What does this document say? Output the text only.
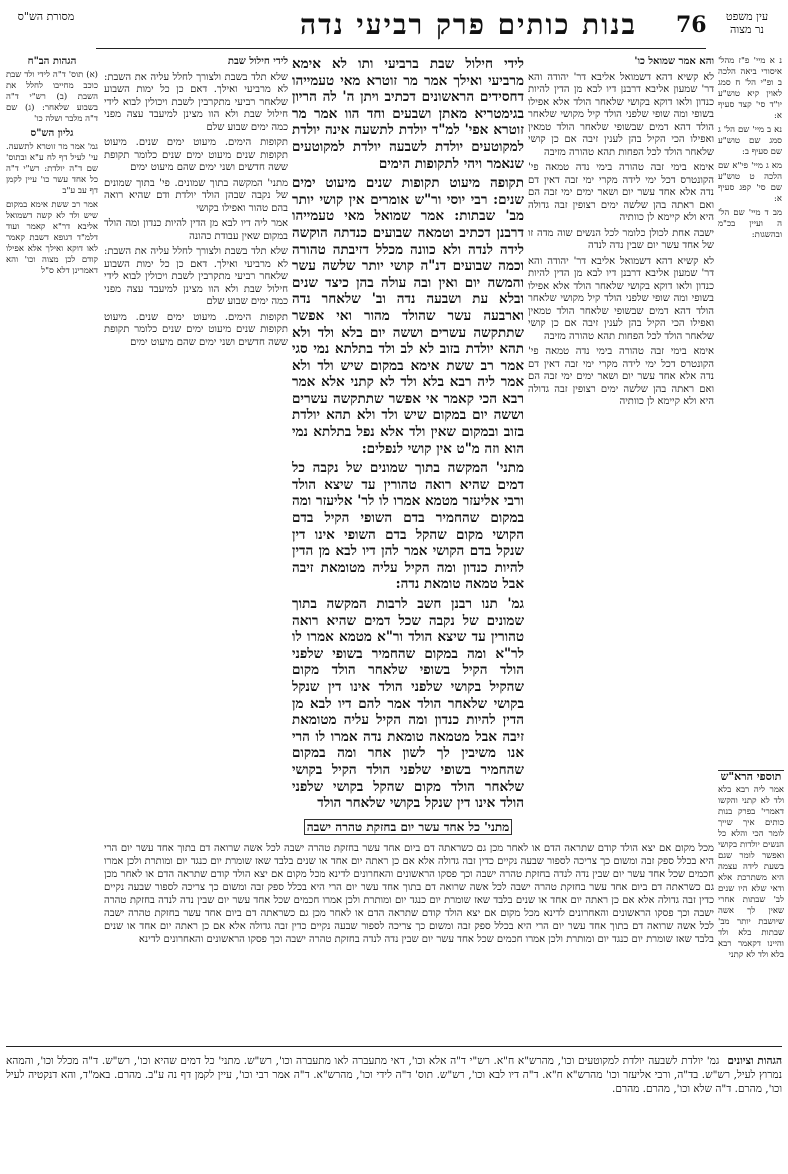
עין משפט
נר מצוה
76
בנות כותים פרק רביעי נדה
מסורת הש"ס

נ א מיי' פ"ז מהל' איסורי ביאה הלכה ב ופ"י הל' ח סמג לאוין קיא טוש"ע יו"ד סי' קצד סעיף א:

נא ב מיי' שם הל' ג סמג שם טוש"ע שם סעיף ב:

מא ג מיי' פי"א שם הלכה ט טוש"ע שם סי' קפג סעיף א:

מב ד מיי' שם הל' ה ועיין בכ"מ ובהשגות:

והא אמר שמואל כו'

לא קשיא דהא דשמואל אליבא דר' יהודה והא דר' שמעון אליבא דרבנן דיו לבא מן הדין להיות כנדון ולאו דוקא בקושי שלאחר הולד אלא אפילו בשופי ומה שופי שלפני הולד קיל מקושי שלאחר הולד דהא דמים שבשופי שלאחר הולד טמאין ואפילו הכי הקיל בהן לענין זיבה אם כן קושי שלאחר הולד לכל הפחות תהא טהורה מזיבה

אימא בימי זבה טהורה בימי נדה טמאה פי' הקונטרס דכל ימי לידה מקרי ימי זבה דאין דם נדה אלא אחד עשר יום ושאר ימים ימי זבה הם ואם ראתה בהן שלשה ימים רצופין זבה גדולה היא ולא קיימא לן כוותיה

ישבה אחת לכולן כלומר לכל הנשים שוה מדה זו של אחד עשר יום שבין נדה לנדה

לא קשיא דהא דשמואל אליבא דר' יהודה והא דר' שמעון אליבא דרבנן דיו לבא מן הדין להיות כנדון ולאו דוקא בקושי שלאחר הולד אלא אפילו בשופי ומה שופי שלפני הולד קיל מקושי שלאחר הולד דהא דמים שבשופי שלאחר הולד טמאין ואפילו הכי הקיל בהן לענין זיבה אם כן קושי שלאחר הולד לכל הפחות תהא טהורה מזיבה

אימא בימי זבה טהורה בימי נדה טמאה פי' הקונטרס דכל ימי לידה מקרי ימי זבה דאין דם נדה אלא אחד עשר יום ושאר ימים ימי זבה הם ואם ראתה בהן שלשה ימים רצופין זבה גדולה היא ולא קיימא לן כוותיה

לידי חילול שבת ברביעי ותו לא אימא מרביעי ואילך אמר מר זוטרא מאי טעמייהו דחסידים הראשונים דכתיב ויתן ה' לה הריון בגימטריא מאתן ושבעים וחד הוו אמר מר זוטרא אפי' למ"ד יולדת לתשעה אינה יולדת למקוטעים יולדת לשבעה יולדת למקוטעים שנאמר ויהי לתקופות הימים

תקופה מיעוט תקופות שנים מיעוט ימים שנים: רבי יוסי ור"ש אומרים אין קושי יותר מב' שבתות: אמר שמואל מאי טעמייהו דרבנן דכתיב וטמאה שבועים כנדתה הוקשה לידה לנדה ולא כוונה מכלל דזיבתה טהורה וכמה שבועים דנ"ה קושי יותר שלשה עשר והמשה יום ואין ובה עולה בהן כיצד שנים ובלא עת ושבעה נדה וב' שלאחר נדה וארבעה עשר שהולד מהור ואי אפשר שתתקשה עשרים וששה יום בלא ולד ולא תהא יולדת בזוב לא לב ולד בתלתא נמי סגי אמר רב ששת אימא במקום שיש ולד ולא אמר ליה רבא בלא ולד לא קתני אלא אמר רבא הכי קאמר אי אפשר שתתקשה עשרים וששה יום במקום שיש ולד ולא תהא יולדת בזוב ובמקום שאין ולד אלא נפל בתלתא נמי הוא וזה מ"ט אין קושי לנפלים:

מתני' המקשה בתוך שמונים של נקבה כל דמים שהיא רואה טהורין עד שיצא הולד ורבי אליעזר מטמא אמרו לו לר' אליעזר ומה במקום שהחמיר בדם השופי הקיל בדם הקושי מקום שהקל בדם השופי אינו דין שנקל בדם הקושי אמר להן דיו לבא מן הדין להיות כנדון ומה הקיל עליה מטומאת זיבה אבל טמאה טומאת נדה:

גמ' תנו רבנן חשב לרבות המקשה בתוך שמונים של נקבה שכל דמים שהיא רואה טהורין עד שיצא הולד ור"א מטמא אמרו לו לר"א ומה במקום שהחמיר בשופי שלפני הולד הקיל בשופי שלאחר הולד מקום שהקיל בקושי שלפני הולד אינו דין שנקל בקושי שלאחר הולד אמר להם דיו לבא מן הדין להיות כנדון ומה הקיל עליה מטומאת זיבה אבל מטמאה טומאת נדה אמרו לו הרי אנו משיבין לך לשון אחר ומה במקום שהחמיר בשופי שלפני הולד הקיל בקושי שלאחר הולד מקום שהקל בקושי שלפני הולד אינו דין שנקל בקושי שלאחר הולד

לידי חילול שבת

שלא תלד בשבת ולצורך לחלל עליה את השבת: לא מרביעי ואילך. דאם כן כל ימות השבוע שלאחר רביעי מתקרבין לשבת ויכולין לבוא לידי חילול שבת ולא הוו מצינן למיעבד עצה מפני כמה ימים שבוע שלם

תקופות הימים. מיעוט ימים שנים. מיעוט תקופות שנים מיעוט ימים שנים כלומר תקופת ששה חדשים ושני ימים שהם מיעוט ימים

מתני' המקשה בתוך שמונים. פי' בתוך שמונים של נקבה שבהן הולד יולדת ודם שהיא רואה בהם טהור ואפילו בקושי

אמר ליה דיו לבא מן הדין להיות כנדון ומה הולד במקום שאין עבודת כהונה

שלא תלד בשבת ולצורך לחלל עליה את השבת: לא מרביעי ואילך. דאם כן כל ימות השבוע שלאחר רביעי מתקרבין לשבת ויכולין לבוא לידי חילול שבת ולא הוו מצינן למיעבד עצה מפני כמה ימים שבוע שלם

תקופות הימים. מיעוט ימים שנים. מיעוט תקופות שנים מיעוט ימים שנים כלומר תקופת ששה חדשים ושני ימים שהם מיעוט ימים

הגהות הב"ח

(א) תוס' ד"ה לידי ולד שבת כוכב מחייבו לחלל את השבת (ב) רש"י ד"ה בשבוע שלאחר: (ג) שם ד"ה מלבר ושלה כו'

גליון הש"ס

גמ' אמר מר זוטרא לתשעה. עי' לעיל דף לח ע"א ובתוס' שם ד"ה יולדת: רש"י ד"ה כל אחד עשר כו' עיין לקמן דף עב ע"ב

אמר רב ששת אימא במקום שיש ולד לא קשה דשמואל אליבא דר"א קאמר ועוד דלמ"ד דגופא דשבת קאמר לאו דוקא ואילך אלא אפילו קודם לכן מצוה וכו' והא דאמרינן דלא ס"ל

תוספי הרא"ש

אמר ליה רבא בלא ולד לא קתני והקשו דאמרי' בפרק בנות כותים איך שייך לומר הכי והלא כל הנשים יולדות בקושי ואפשר לומר שגם בשעת לידה עצמה היא משתרכת אלא ודאי שלא היו שנים לב' שבתות אחרי שאין לך אשה שיושבת יותר מב' שבתות בלא ולד והיינו דקאמר רבא בלא ולד לא קתני

מתני' כל אחד עשר יום בחזקת טהרה ישבה
מכל מקום אם יצא הולד קודם שתראה הדם או לאחר מכן גם כשראתה דם ביום אחד עשר בחזקת טהרה ישבה לכל אשה שרואה דם בתוך אחד עשר יום הרי היא בכלל ספק זבה ומשום כך צריכה לספור שבעה נקיים כדין זבה גדולה אלא אם כן ראתה יום אחד או שנים בלבד שאז שומרת יום כנגד יום ומותרת ולכן אמרו חכמים שכל אחד עשר יום שבין נדה לנדה בחזקת טהרה ישבה וכך פסקו הראשונים והאחרונים לדינא מכל מקום אם יצא הולד קודם שתראה הדם או לאחר מכן גם כשראתה דם ביום אחד עשר בחזקת טהרה ישבה לכל אשה שרואה דם בתוך אחד עשר יום הרי היא בכלל ספק זבה ומשום כך צריכה לספור שבעה נקיים כדין זבה גדולה אלא אם כן ראתה יום אחד או שנים בלבד שאז שומרת יום כנגד יום ומותרת ולכן אמרו חכמים שכל אחד עשר יום שבין נדה לנדה בחזקת טהרה ישבה וכך פסקו הראשונים והאחרונים לדינא מכל מקום אם יצא הולד קודם שתראה הדם או לאחר מכן גם כשראתה דם ביום אחד עשר בחזקת טהרה ישבה לכל אשה שרואה דם בתוך אחד עשר יום הרי היא בכלל ספק זבה ומשום כך צריכה לספור שבעה נקיים כדין זבה גדולה אלא אם כן ראתה יום אחד או שנים בלבד שאז שומרת יום כנגד יום ומותרת ולכן אמרו חכמים שכל אחד עשר יום שבין נדה לנדה בחזקת טהרה ישבה וכך פסקו הראשונים והאחרונים לדינא
הגהות וציונים
גמ' יולדת לשבעה יולדת למקוטעים וכו', מהרש"א ח"א. רש"י ד"ה אלא וכו', דאי מתעברה לאו מתעברה וכו', רש"ש. מתני' כל דמים שהיא וכו', רש"ש. ד"ה מכלל וכו', והמהא נמרוץ לעיל, רש"ש. בד"ה, ורבי אליעזר וכו' מהרש"א ח"א. ד"ה דיו לבא וכו', רש"ש. תוס' ד"ה לידי וכו', מהרש"א. ד"ה אמר רבי וכו', עיין לקמן דף נה ע"ב. מהרם. באמ"ד, והא דנקטיה לעיל וכו', מהרם. ד"ה שלא וכו', מהרם. מהרם.
